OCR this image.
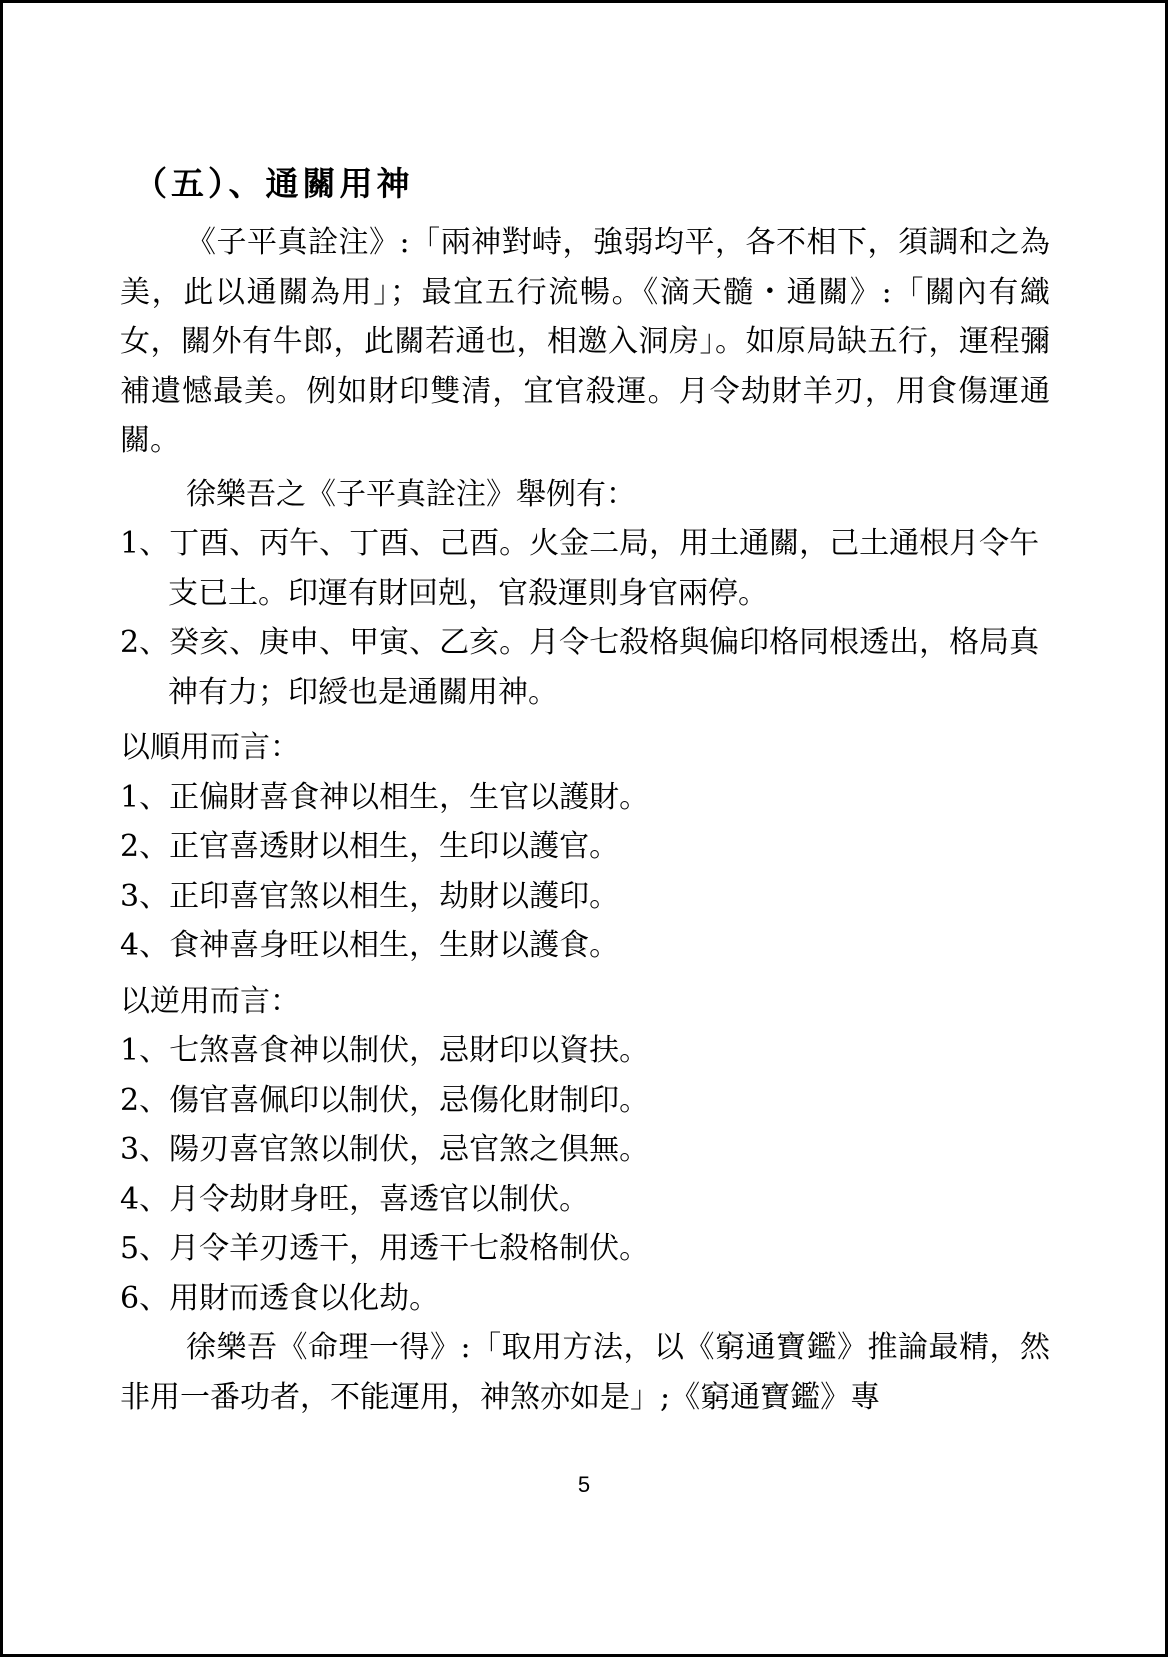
（五）、通關用神

《子平真詮注》:「兩神對峙，強弱均平，各不相下，須調和之為美，此以通關為用」；最宜五行流暢。《滴天髓・通關》:「關內有織女，關外有牛郎，此關若通也，相邀入洞房」。如原局缺五行，運程彌補遺憾最美。例如財印雙清，宜官殺運。月令劫財羊刃，用食傷運通關。

徐樂吾之《子平真詮注》舉例有：

1、丁酉、丙午、丁酉、己酉。火金二局，用土通關，己土通根月令午支已土。印運有財回剋，官殺運則身官兩停。
2、癸亥、庚申、甲寅、乙亥。月令七殺格與偏印格同根透出，格局真神有力；印綬也是通關用神。

以順用而言：

1、正偏財喜食神以相生，生官以護財。
2、正官喜透財以相生，生印以護官。
3、正印喜官煞以相生，劫財以護印。
4、食神喜身旺以相生，生財以護食。

以逆用而言：

1、七煞喜食神以制伏，忌財印以資扶。
2、傷官喜佩印以制伏，忌傷化財制印。
3、陽刃喜官煞以制伏，忌官煞之俱無。
4、月令劫財身旺，喜透官以制伏。
5、月令羊刃透干，用透干七殺格制伏。
6、用財而透食以化劫。

徐樂吾《命理一得》:「取用方法，以《窮通寶鑑》推論最精，然非用一番功者，不能運用，神煞亦如是」;《窮通寶鑑》專

5
